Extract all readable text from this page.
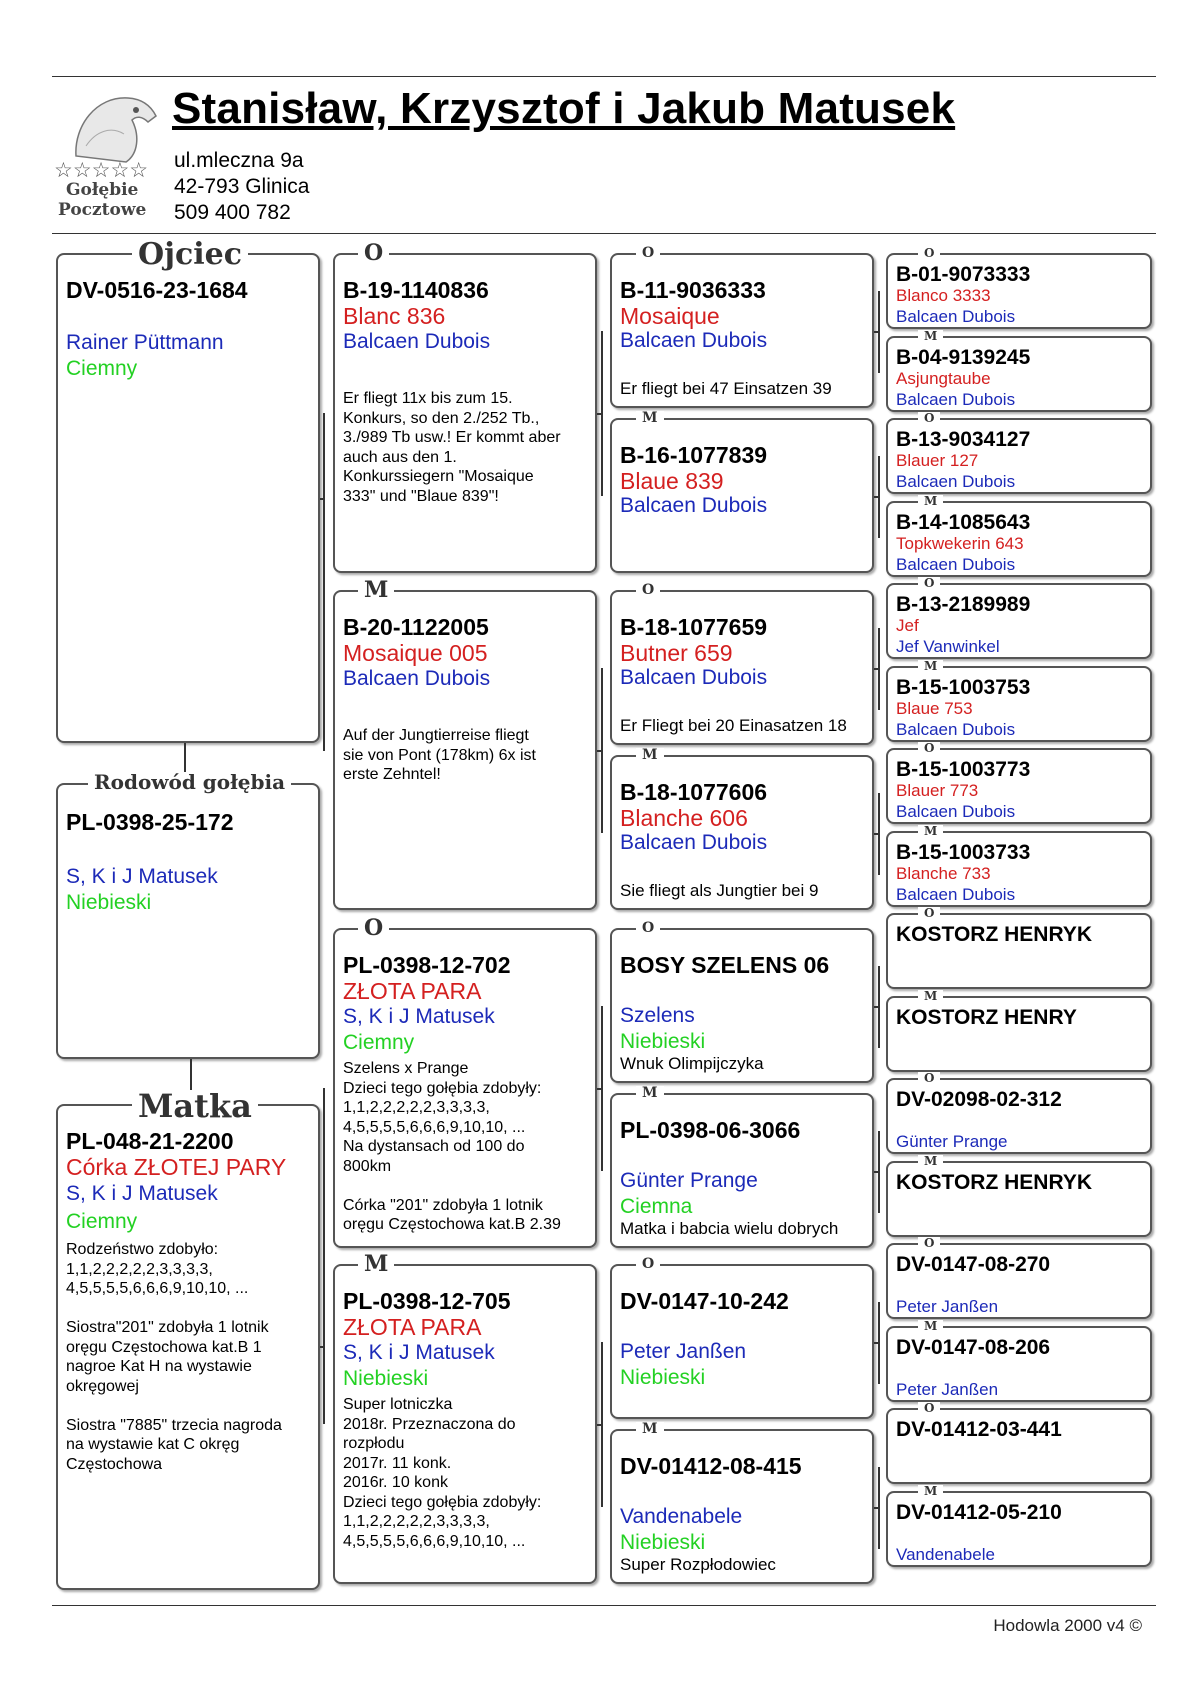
☆☆☆☆☆
Gołębie
Pocztowe
Stanisław, Krzysztof i Jakub Matusek
ul.mleczna 9a
42-793 Glinica
509 400 782
DV-0516-23-1684
Rainer Püttmann
Ciemny
Ojciec
PL-0398-25-172
S, K i J Matusek
Niebieski
Rodowód gołębia
PL-048-21-2200
Córka ZŁOTEJ PARY
S, K i J Matusek
Ciemny
Rodzeństwo zdobyło:
1,1,2,2,2,2,2,3,3,3,3,
4,5,5,5,5,6,6,6,9,10,10, ...
Siostra"201" zdobyła 1 lotnik
oręgu Częstochowa kat.B 1
nagroe Kat H na wystawie
okręgowej
Siostra "7885" trzecia nagroda
na wystawie kat C okręg
Częstochowa
Matka
B-19-1140836
Blanc 836
Balcaen Dubois
Er fliegt 11x bis zum 15.
Konkurs, so den 2./252 Tb.,
3./989 Tb usw.! Er kommt aber
auch aus den 1.
Konkurssiegern "Mosaique
333" und "Blaue 839"!
O
B-20-1122005
Mosaique 005
Balcaen Dubois
Auf der Jungtierreise fliegt
sie von Pont (178km) 6x ist
erste Zehntel!
M
PL-0398-12-702
ZŁOTA PARA
S, K i J Matusek
Ciemny
Szelens x Prange
Dzieci tego gołębia zdobyły:
1,1,2,2,2,2,2,3,3,3,3,
4,5,5,5,5,6,6,6,9,10,10, ...
Na dystansach od 100 do
800km
Córka "201" zdobyła 1 lotnik
oręgu Częstochowa kat.B 2.39
O
PL-0398-12-705
ZŁOTA PARA
S, K i J Matusek
Niebieski
Super lotniczka
2018r. Przeznaczona do
rozpłodu
2017r. 11 konk.
2016r. 10 konk
Dzieci tego gołębia zdobyły:
1,1,2,2,2,2,2,3,3,3,3,
4,5,5,5,5,6,6,6,9,10,10, ...
M
B-11-9036333
Mosaique
Balcaen Dubois
Er fliegt bei 47 Einsatzen 39
O
B-16-1077839
Blaue 839
Balcaen Dubois
M
B-18-1077659
Butner 659
Balcaen Dubois
Er Fliegt bei 20 Einasatzen 18
O
B-18-1077606
Blanche 606
Balcaen Dubois
Sie fliegt als Jungtier bei 9
M
BOSY SZELENS 06
Szelens
Niebieski
Wnuk Olimpijczyka
O
PL-0398-06-3066
Günter Prange
Ciemna
Matka i babcia wielu dobrych
M
DV-0147-10-242
Peter Janßen
Niebieski
O
DV-01412-08-415
Vandenabele
Niebieski
Super Rozpłodowiec
M
B-01-9073333
Blanco 3333
Balcaen Dubois
O
B-04-9139245
Asjungtaube
Balcaen Dubois
M
B-13-9034127
Blauer 127
Balcaen Dubois
O
B-14-1085643
Topkwekerin 643
Balcaen Dubois
M
B-13-2189989
Jef
Jef Vanwinkel
O
B-15-1003753
Blaue 753
Balcaen Dubois
M
B-15-1003773
Blauer 773
Balcaen Dubois
O
B-15-1003733
Blanche 733
Balcaen Dubois
M
KOSTORZ HENRYK
O
KOSTORZ HENRY
M
DV-02098-02-312
Günter Prange
O
KOSTORZ HENRYK
M
DV-0147-08-270
Peter Janßen
O
DV-0147-08-206
Peter Janßen
M
DV-01412-03-441
O
DV-01412-05-210
Vandenabele
M
Hodowla 2000 v4 ©
